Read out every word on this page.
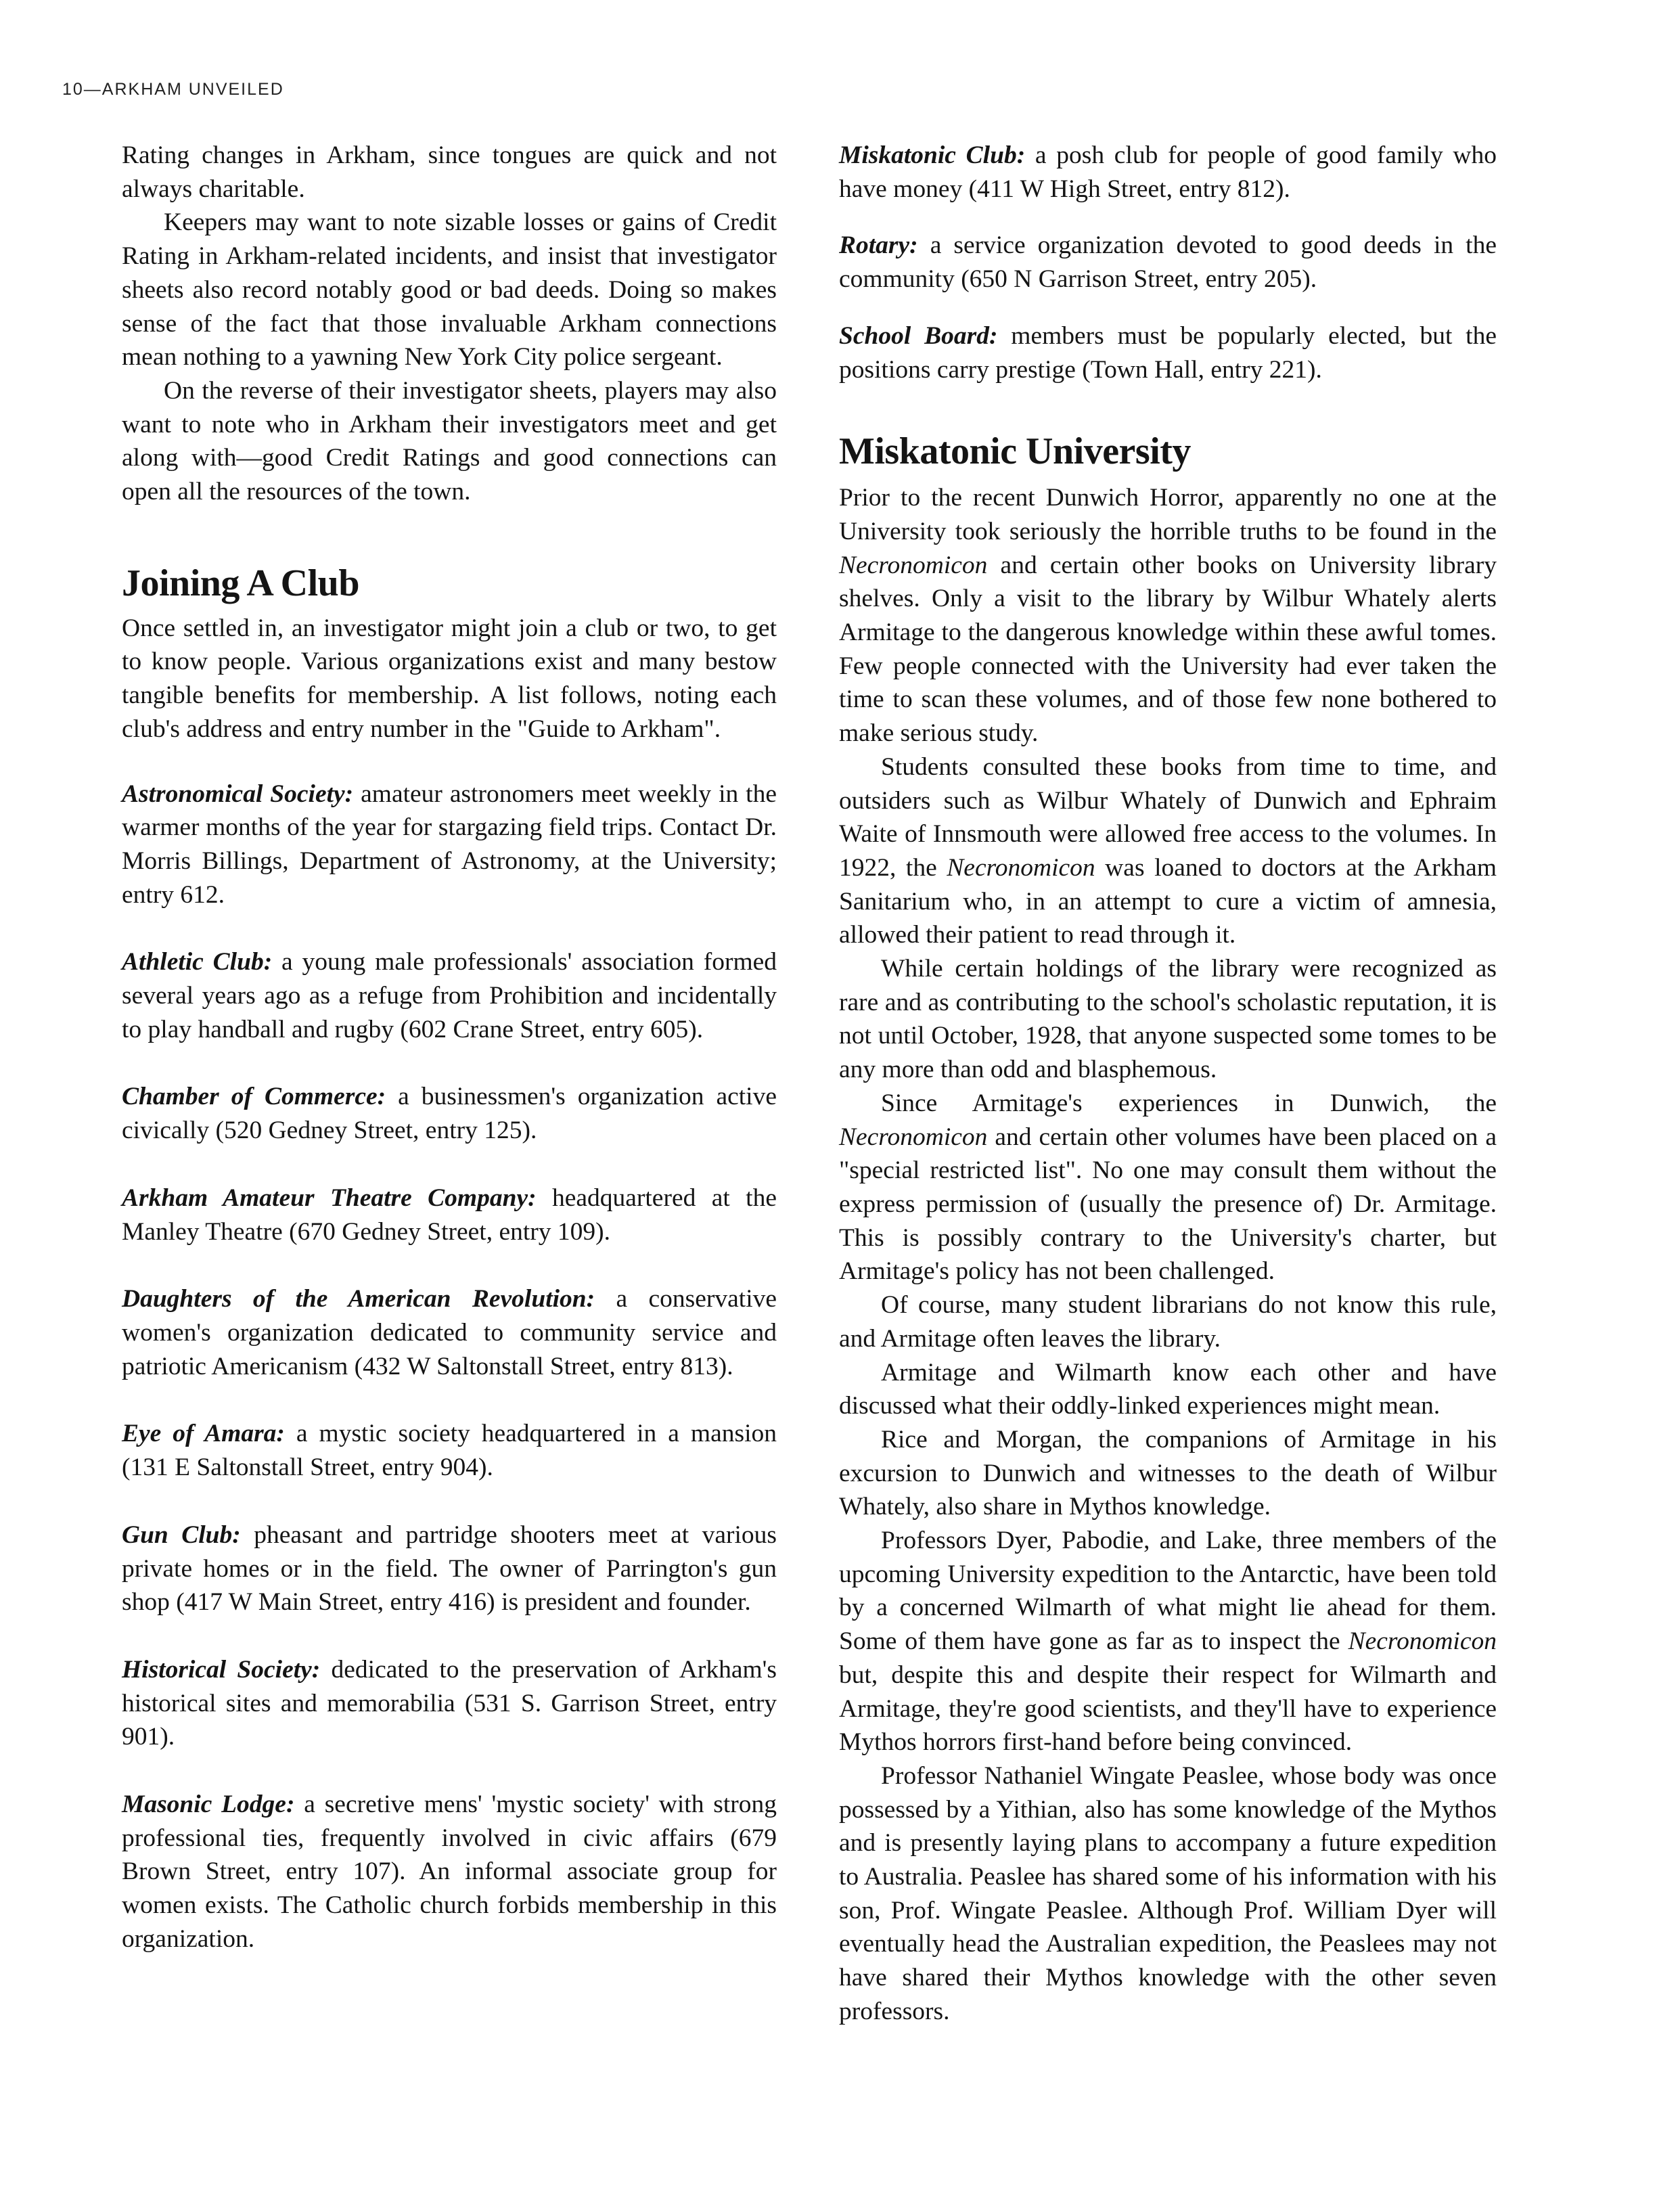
10—ARKHAM UNVEILED

Rating changes in Arkham, since tongues are quick and not always charitable.

Keepers may want to note sizable losses or gains of Credit Rating in Arkham-related incidents, and insist that investigator sheets also record notably good or bad deeds. Doing so makes sense of the fact that those invaluable Arkham connections mean nothing to a yawning New York City police sergeant.

On the reverse of their investigator sheets, players may also want to note who in Arkham their investigators meet and get along with—good Credit Ratings and good connections can open all the resources of the town.

Joining A Club

Once settled in, an investigator might join a club or two, to get to know people. Various organizations exist and many bestow tangible benefits for membership. A list follows, noting each club's address and entry number in the "Guide to Arkham".

Astronomical Society: amateur astronomers meet weekly in the warmer months of the year for stargazing field trips. Contact Dr. Morris Billings, Department of Astronomy, at the University; entry 612.

Athletic Club: a young male professionals' association formed several years ago as a refuge from Prohibition and incidentally to play handball and rugby (602 Crane Street, entry 605).

Chamber of Commerce: a businessmen's organization active civically (520 Gedney Street, entry 125).

Arkham Amateur Theatre Company: headquartered at the Manley Theatre (670 Gedney Street, entry 109).

Daughters of the American Revolution: a conservative women's organization dedicated to community service and patriotic Americanism (432 W Saltonstall Street, entry 813).

Eye of Amara: a mystic society headquartered in a mansion (131 E Saltonstall Street, entry 904).

Gun Club: pheasant and partridge shooters meet at various private homes or in the field. The owner of Parrington's gun shop (417 W Main Street, entry 416) is president and founder.

Historical Society: dedicated to the preservation of Arkham's historical sites and memorabilia (531 S. Garrison Street, entry 901).

Masonic Lodge: a secretive mens' 'mystic society' with strong professional ties, frequently involved in civic affairs (679 Brown Street, entry 107). An informal associate group for women exists. The Catholic church forbids membership in this organization.

Miskatonic Club: a posh club for people of good family who have money (411 W High Street, entry 812).

Rotary: a service organization devoted to good deeds in the community (650 N Garrison Street, entry 205).

School Board: members must be popularly elected, but the positions carry prestige (Town Hall, entry 221).

Miskatonic University

Prior to the recent Dunwich Horror, apparently no one at the University took seriously the horrible truths to be found in the Necronomicon and certain other books on University library shelves. Only a visit to the library by Wilbur Whately alerts Armitage to the dangerous knowledge within these awful tomes. Few people connected with the University had ever taken the time to scan these volumes, and of those few none bothered to make serious study.

Students consulted these books from time to time, and outsiders such as Wilbur Whately of Dunwich and Ephraim Waite of Innsmouth were allowed free access to the volumes. In 1922, the Necronomicon was loaned to doctors at the Arkham Sanitarium who, in an attempt to cure a victim of amnesia, allowed their patient to read through it.

While certain holdings of the library were recognized as rare and as contributing to the school's scholastic reputation, it is not until October, 1928, that anyone suspected some tomes to be any more than odd and blasphemous.

Since Armitage's experiences in Dunwich, the Necronomicon and certain other volumes have been placed on a "special restricted list". No one may consult them without the express permission of (usually the presence of) Dr. Armitage. This is possibly contrary to the University's charter, but Armitage's policy has not been challenged.

Of course, many student librarians do not know this rule, and Armitage often leaves the library.

Armitage and Wilmarth know each other and have discussed what their oddly-linked experiences might mean.

Rice and Morgan, the companions of Armitage in his excursion to Dunwich and witnesses to the death of Wilbur Whately, also share in Mythos knowledge.

Professors Dyer, Pabodie, and Lake, three members of the upcoming University expedition to the Antarctic, have been told by a concerned Wilmarth of what might lie ahead for them. Some of them have gone as far as to inspect the Necronomicon but, despite this and despite their respect for Wilmarth and Armitage, they're good scientists, and they'll have to experience Mythos horrors first-hand before being convinced.

Professor Nathaniel Wingate Peaslee, whose body was once possessed by a Yithian, also has some knowledge of the Mythos and is presently laying plans to accompany a future expedition to Australia. Peaslee has shared some of his information with his son, Prof. Wingate Peaslee. Although Prof. William Dyer will eventually head the Australian expedition, the Peaslees may not have shared their Mythos knowledge with the other seven professors.
